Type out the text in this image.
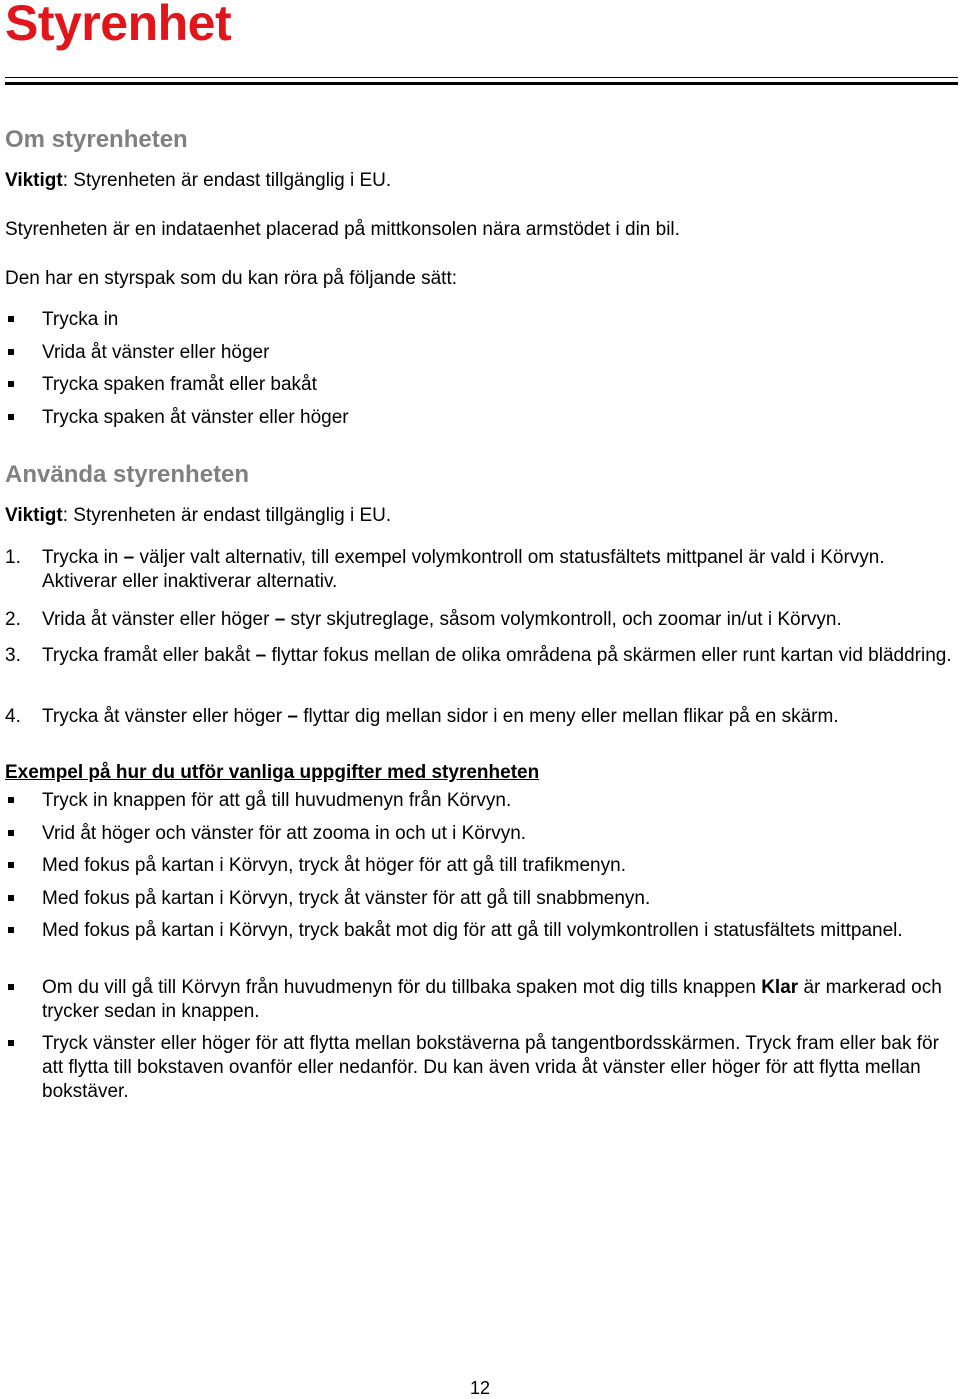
Styrenhet
Om styrenheten
Viktigt: Styrenheten är endast tillgänglig i EU.
Styrenheten är en indataenhet placerad på mittkonsolen nära armstödet i din bil.
Den har en styrspak som du kan röra på följande sätt:
Trycka in
Vrida åt vänster eller höger
Trycka spaken framåt eller bakåt
Trycka spaken åt vänster eller höger
Använda styrenheten
Viktigt: Styrenheten är endast tillgänglig i EU.
1. Trycka in – väljer valt alternativ, till exempel volymkontroll om statusfältets mittpanel är vald i Körvyn. Aktiverar eller inaktiverar alternativ.
2. Vrida åt vänster eller höger – styr skjutreglage, såsom volymkontroll, och zoomar in/ut i Körvyn.
3. Trycka framåt eller bakåt – flyttar fokus mellan de olika områdena på skärmen eller runt kartan vid bläddring.
4. Trycka åt vänster eller höger – flyttar dig mellan sidor i en meny eller mellan flikar på en skärm.
Exempel på hur du utför vanliga uppgifter med styrenheten
Tryck in knappen för att gå till huvudmenyn från Körvyn.
Vrid åt höger och vänster för att zooma in och ut i Körvyn.
Med fokus på kartan i Körvyn, tryck åt höger för att gå till trafikmenyn.
Med fokus på kartan i Körvyn, tryck åt vänster för att gå till snabbmenyn.
Med fokus på kartan i Körvyn, tryck bakåt mot dig för att gå till volymkontrollen i statusfältets mittpanel.
Om du vill gå till Körvyn från huvudmenyn för du tillbaka spaken mot dig tills knappen Klar är markerad och trycker sedan in knappen.
Tryck vänster eller höger för att flytta mellan bokstäverna på tangentbordsskärmen. Tryck fram eller bak för att flytta till bokstaven ovanför eller nedanför. Du kan även vrida åt vänster eller höger för att flytta mellan bokstäver.
12
